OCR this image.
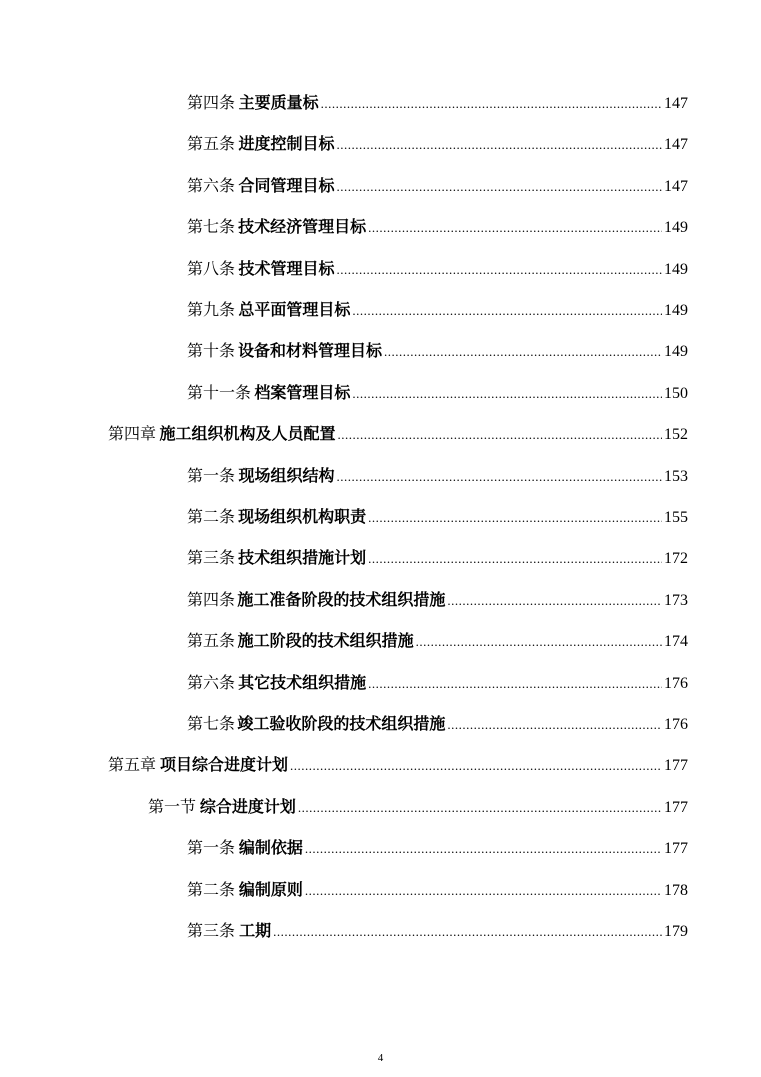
第四条 主要质量标 .....	147
第五条 进度控制目标 .....	147
第六条 合同管理目标 .....	147
第七条 技术经济管理目标 .....	149
第八条 技术管理目标 .....	149
第九条 总平面管理目标 .....	149
第十条 设备和材料管理目标 .....	149
第十一条 档案管理目标 .....	150
第四章 施工组织机构及人员配置 .....	152
第一条 现场组织结构 .....	153
第二条 现场组织机构职责 .....	155
第三条 技术组织措施计划 .....	172
第四条 施工准备阶段的技术组织措施 .....	173
第五条 施工阶段的技术组织措施 .....	174
第六条 其它技术组织措施 .....	176
第七条 竣工验收阶段的技术组织措施 .....	176
第五章 项目综合进度计划 .....	177
第一节 综合进度计划 .....	177
第一条 编制依据 .....	177
第二条 编制原则 .....	178
第三条 工期 .....	179
4
